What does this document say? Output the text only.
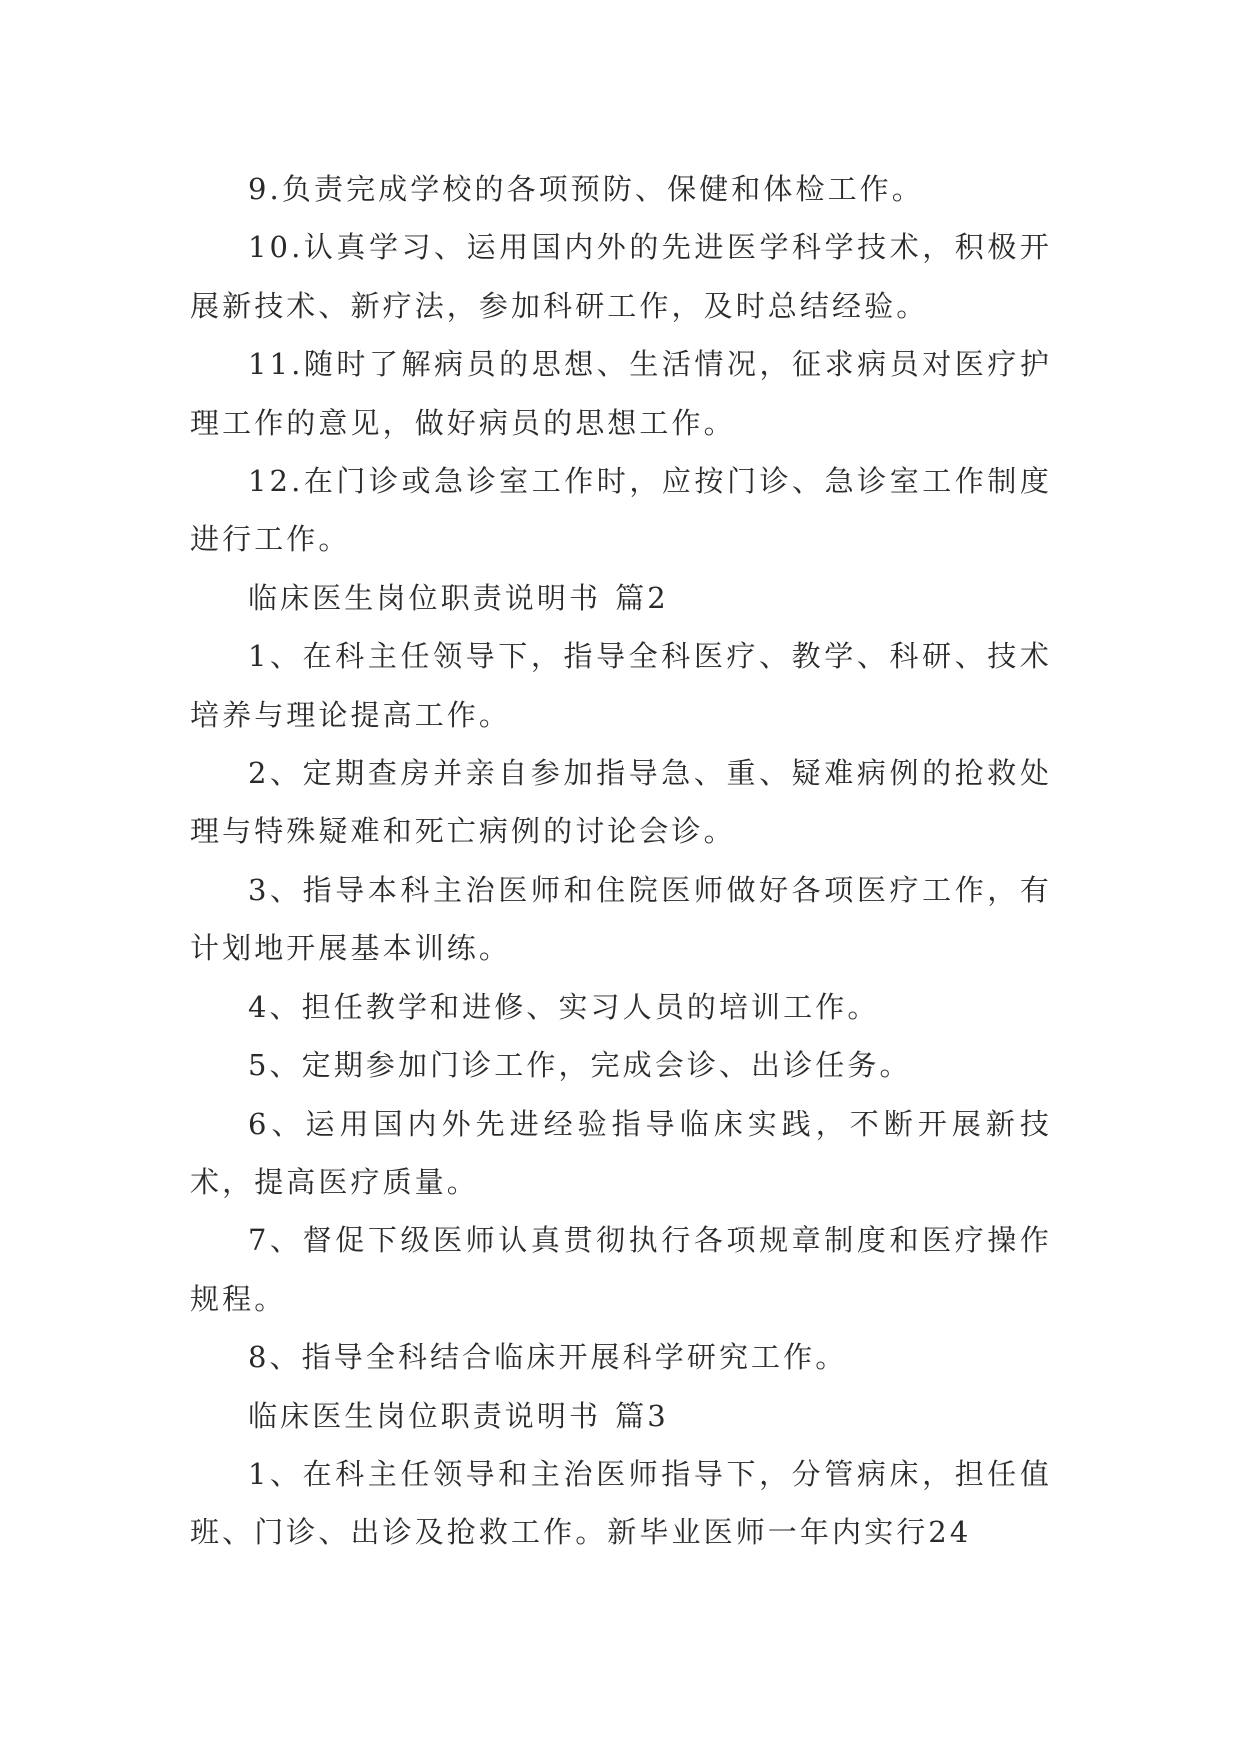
9.负责完成学校的各项预防、保健和体检工作。

10.认真学习、运用国内外的先进医学科学技术，积极开展新技术、新疗法，参加科研工作，及时总结经验。

11.随时了解病员的思想、生活情况，征求病员对医疗护理工作的意见，做好病员的思想工作。

12.在门诊或急诊室工作时，应按门诊、急诊室工作制度进行工作。

临床医生岗位职责说明书 篇2

1、在科主任领导下，指导全科医疗、教学、科研、技术培养与理论提高工作。

2、定期查房并亲自参加指导急、重、疑难病例的抢救处理与特殊疑难和死亡病例的讨论会诊。

3、指导本科主治医师和住院医师做好各项医疗工作，有计划地开展基本训练。

4、担任教学和进修、实习人员的培训工作。

5、定期参加门诊工作，完成会诊、出诊任务。

6、运用国内外先进经验指导临床实践，不断开展新技术，提高医疗质量。

7、督促下级医师认真贯彻执行各项规章制度和医疗操作规程。

8、指导全科结合临床开展科学研究工作。

临床医生岗位职责说明书 篇3

1、在科主任领导和主治医师指导下，分管病床，担任值班、门诊、出诊及抢救工作。新毕业医师一年内实行24
